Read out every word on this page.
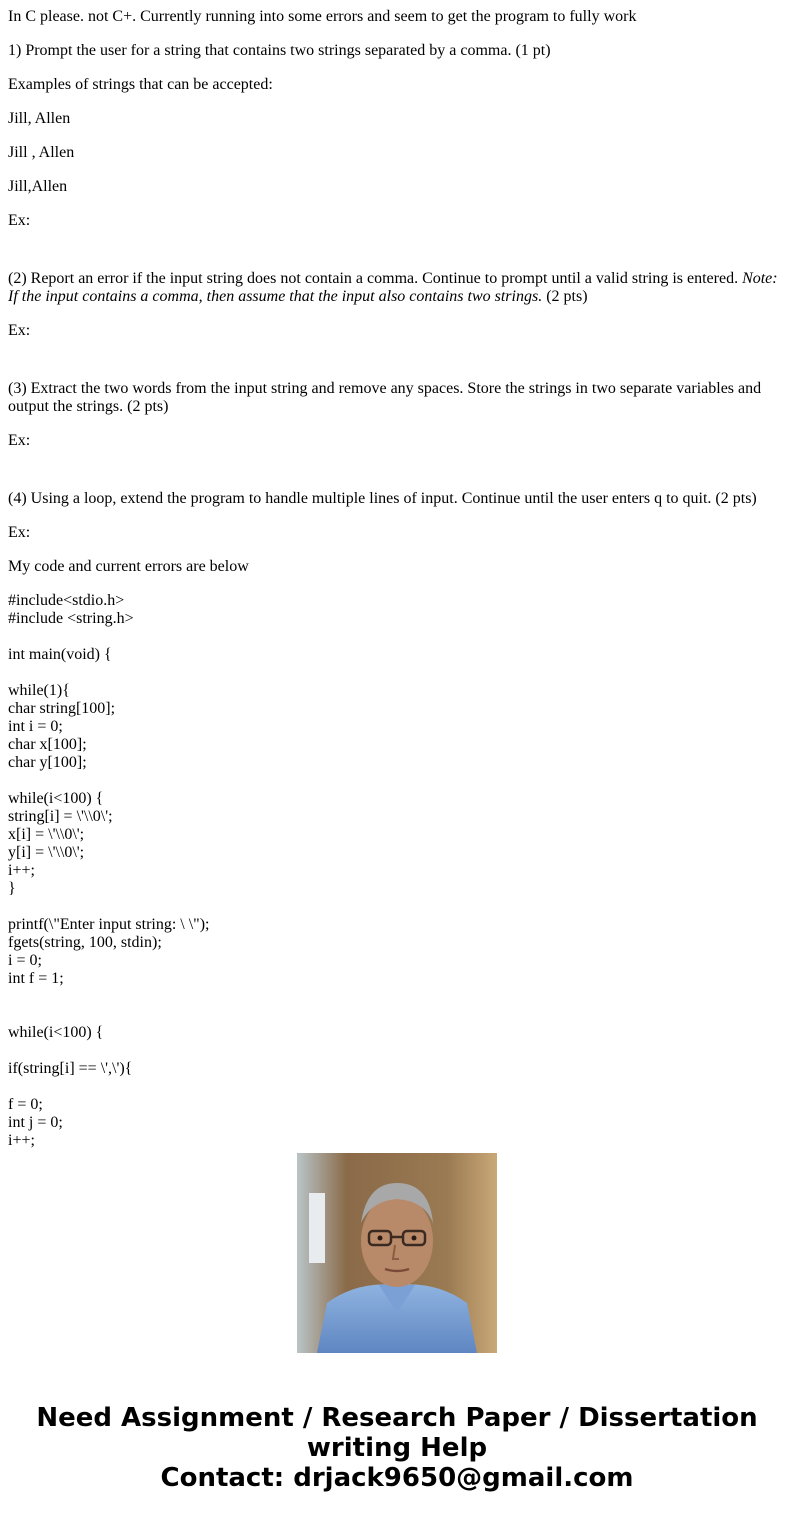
In C please. not C+. Currently running into some errors and seem to get the program to fully work

1) Prompt the user for a string that contains two strings separated by a comma. (1 pt)

Examples of strings that can be accepted:

Jill, Allen

Jill , Allen

Jill,Allen

Ex:

(2) Report an error if the input string does not contain a comma. Continue to prompt until a valid string is entered. Note: If the input contains a comma, then assume that the input also contains two strings. (2 pts)

Ex:

(3) Extract the two words from the input string and remove any spaces. Store the strings in two separate variables and output the strings. (2 pts)

Ex:

(4) Using a loop, extend the program to handle multiple lines of input. Continue until the user enters q to quit. (2 pts)

Ex:

My code and current errors are below

#include<stdio.h>
#include <string.h>

int main(void) {

while(1){
char string[100];
int i = 0;
char x[100];
char y[100];

while(i<100) {
string[i] = \'\\0\';
x[i] = \'\\0\';
y[i] = \'\\0\';
i++;
}

printf(\"Enter input string: \ \");
fgets(string, 100, stdin);
i = 0;
int f = 1;

while(i<100) {

if(string[i] == \',\'){

f = 0;
int j = 0;
i++;
Need Assignment / Research Paper / Dissertation
writing Help
Contact: drjack9650@gmail.com
